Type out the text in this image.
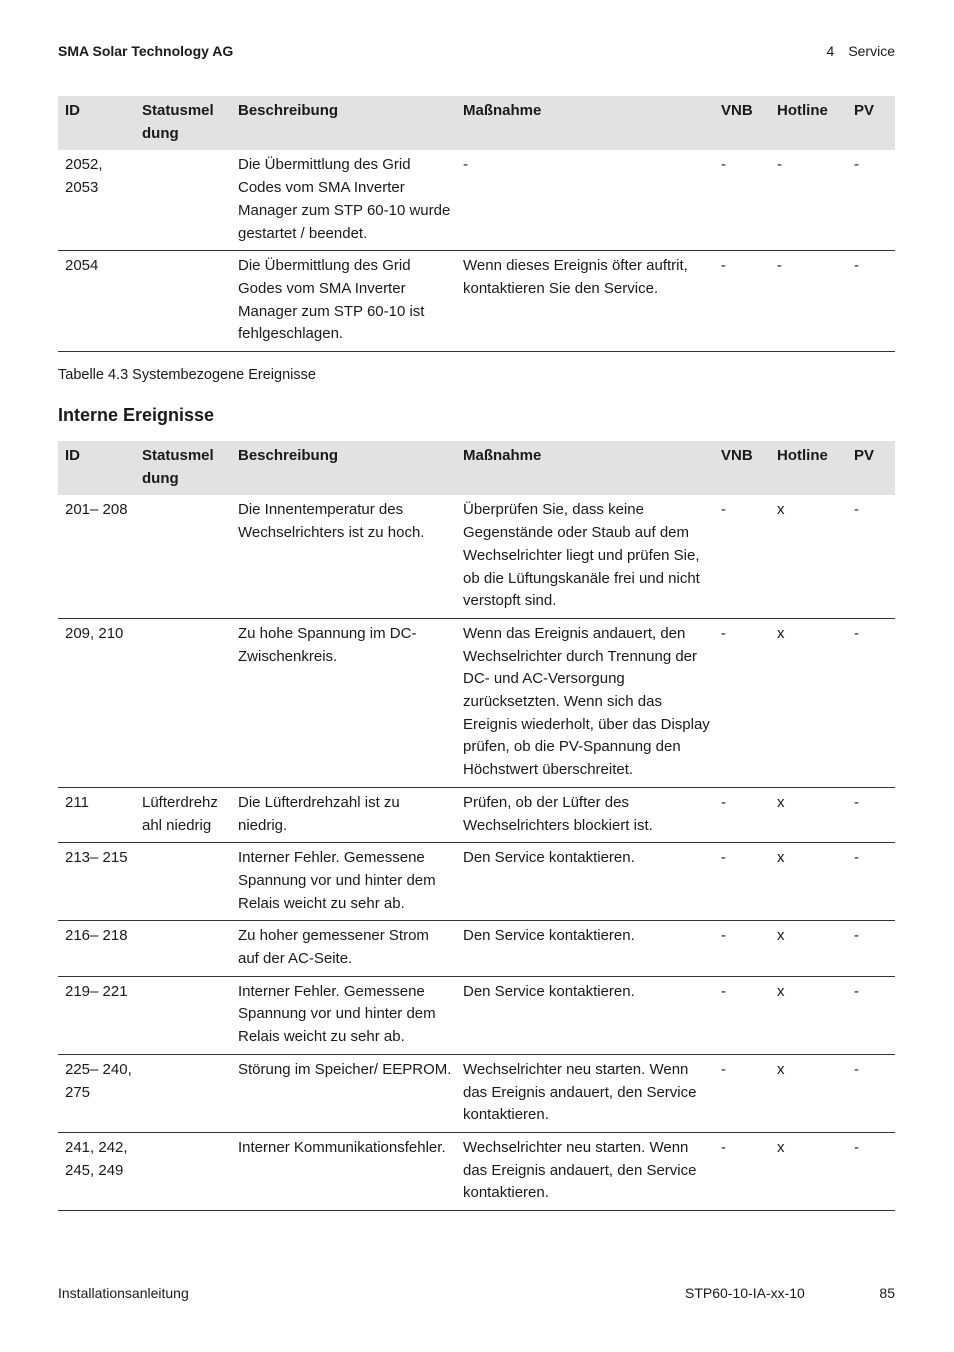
SMA Solar Technology AG	4 Service
ID	Statusmel dung	Beschreibung	Maßnahme	VNB	Hotline	PV
2052, 2053		Die Übermittlung des Grid Codes vom SMA Inverter Manager zum STP 60-10 wurde gestartet / beendet.	-	-	-	-
2054		Die Übermittlung des Grid Godes vom SMA Inverter Manager zum STP 60-10 ist fehlgeschlagen.	Wenn dieses Ereignis öfter auftrit, kontaktieren Sie den Service.	-	-	-
Tabelle 4.3 Systembezogene Ereignisse
Interne Ereignisse
ID	Statusmel dung	Beschreibung	Maßnahme	VNB	Hotline	PV
201– 208		Die Innentemperatur des Wechselrichters ist zu hoch.	Überprüfen Sie, dass keine Gegenstände oder Staub auf dem Wechselrichter liegt und prüfen Sie, ob die Lüftungskanäle frei und nicht verstopft sind.	-	x	-
209, 210		Zu hohe Spannung im DC-Zwischenkreis.	Wenn das Ereignis andauert, den Wechselrichter durch Trennung der DC- und AC-Versorgung zurücksetzten. Wenn sich das Ereignis wiederholt, über das Display prüfen, ob die PV-Spannung den Höchstwert überschreitet.	-	x	-
211	Lüfterdrehz ahl niedrig	Die Lüfterdrehzahl ist zu niedrig.	Prüfen, ob der Lüfter des Wechselrichters blockiert ist.	-	x	-
213– 215		Interner Fehler. Gemessene Spannung vor und hinter dem Relais weicht zu sehr ab.	Den Service kontaktieren.	-	x	-
216– 218		Zu hoher gemessener Strom auf der AC-Seite.	Den Service kontaktieren.	-	x	-
219– 221		Interner Fehler. Gemessene Spannung vor und hinter dem Relais weicht zu sehr ab.	Den Service kontaktieren.	-	x	-
225– 240, 275		Störung im Speicher/ EEPROM.	Wechselrichter neu starten. Wenn das Ereignis andauert, den Service kontaktieren.	-	x	-
241, 242, 245, 249		Interner Kommunikationsfehler.	Wechselrichter neu starten. Wenn das Ereignis andauert, den Service kontaktieren.	-	x	-
Installationsanleitung	STP60-10-IA-xx-10	85
